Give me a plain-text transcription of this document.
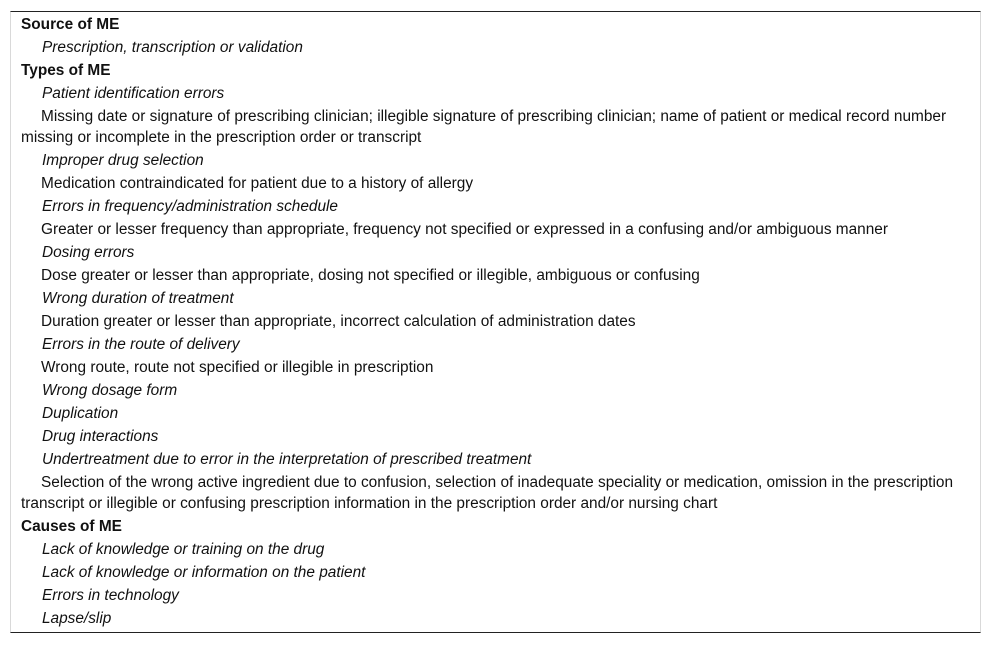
Source of ME
Prescription, transcription or validation
Types of ME
Patient identification errors
Missing date or signature of prescribing clinician; illegible signature of prescribing clinician; name of patient or medical record number missing or incomplete in the prescription order or transcript
Improper drug selection
Medication contraindicated for patient due to a history of allergy
Errors in frequency/administration schedule
Greater or lesser frequency than appropriate, frequency not specified or expressed in a confusing and/or ambiguous manner
Dosing errors
Dose greater or lesser than appropriate, dosing not specified or illegible, ambiguous or confusing
Wrong duration of treatment
Duration greater or lesser than appropriate, incorrect calculation of administration dates
Errors in the route of delivery
Wrong route, route not specified or illegible in prescription
Wrong dosage form
Duplication
Drug interactions
Undertreatment due to error in the interpretation of prescribed treatment
Selection of the wrong active ingredient due to confusion, selection of inadequate speciality or medication, omission in the prescription transcript or illegible or confusing prescription information in the prescription order and/or nursing chart
Causes of ME
Lack of knowledge or training on the drug
Lack of knowledge or information on the patient
Errors in technology
Lapse/slip
